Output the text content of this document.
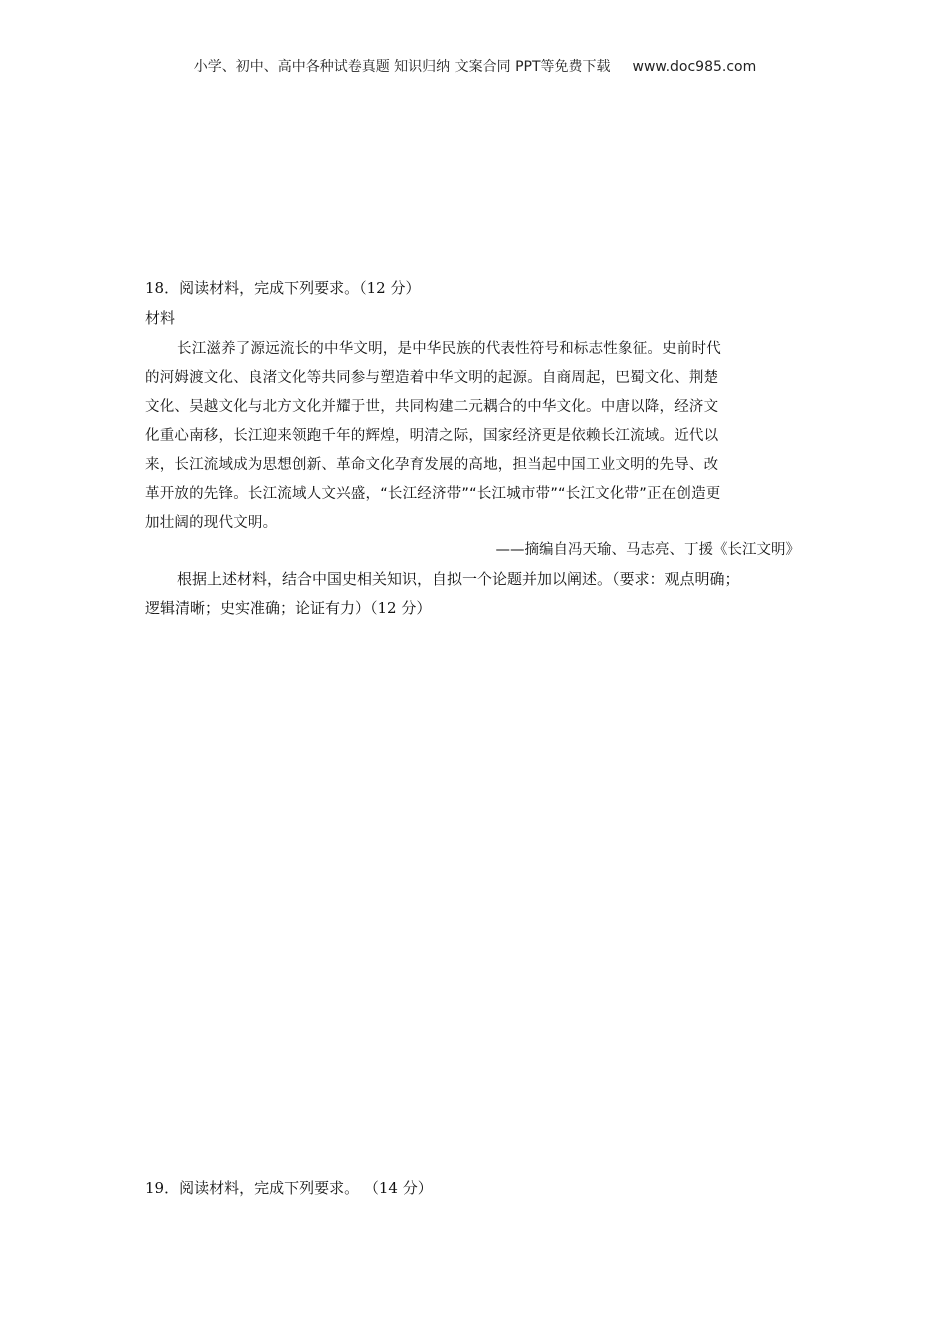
小学、初中、高中各种试卷真题 知识归纳 文案合同 PPT等免费下载 www.doc985.com
18．阅读材料，完成下列要求。（12 分）
材料
长江滋养了源远流长的中华文明，是中华民族的代表性符号和标志性象征。史前时代
的河姆渡文化、良渚文化等共同参与塑造着中华文明的起源。自商周起，巴蜀文化、荆楚
文化、吴越文化与北方文化并耀于世，共同构建二元耦合的中华文化。中唐以降，经济文
化重心南移，长江迎来领跑千年的辉煌，明清之际，国家经济更是依赖长江流域。近代以
来，长江流域成为思想创新、革命文化孕育发展的高地，担当起中国工业文明的先导、改
革开放的先锋。长江流域人文兴盛，“长江经济带”“长江城市带”“长江文化带”正在创造更
加壮阔的现代文明。
——摘编自冯天瑜、马志亮、丁援《长江文明》
根据上述材料，结合中国史相关知识，自拟一个论题并加以阐述。（要求：观点明确；
逻辑清晰；史实准确；论证有力）（12 分）
19．阅读材料，完成下列要求。 （14 分）
